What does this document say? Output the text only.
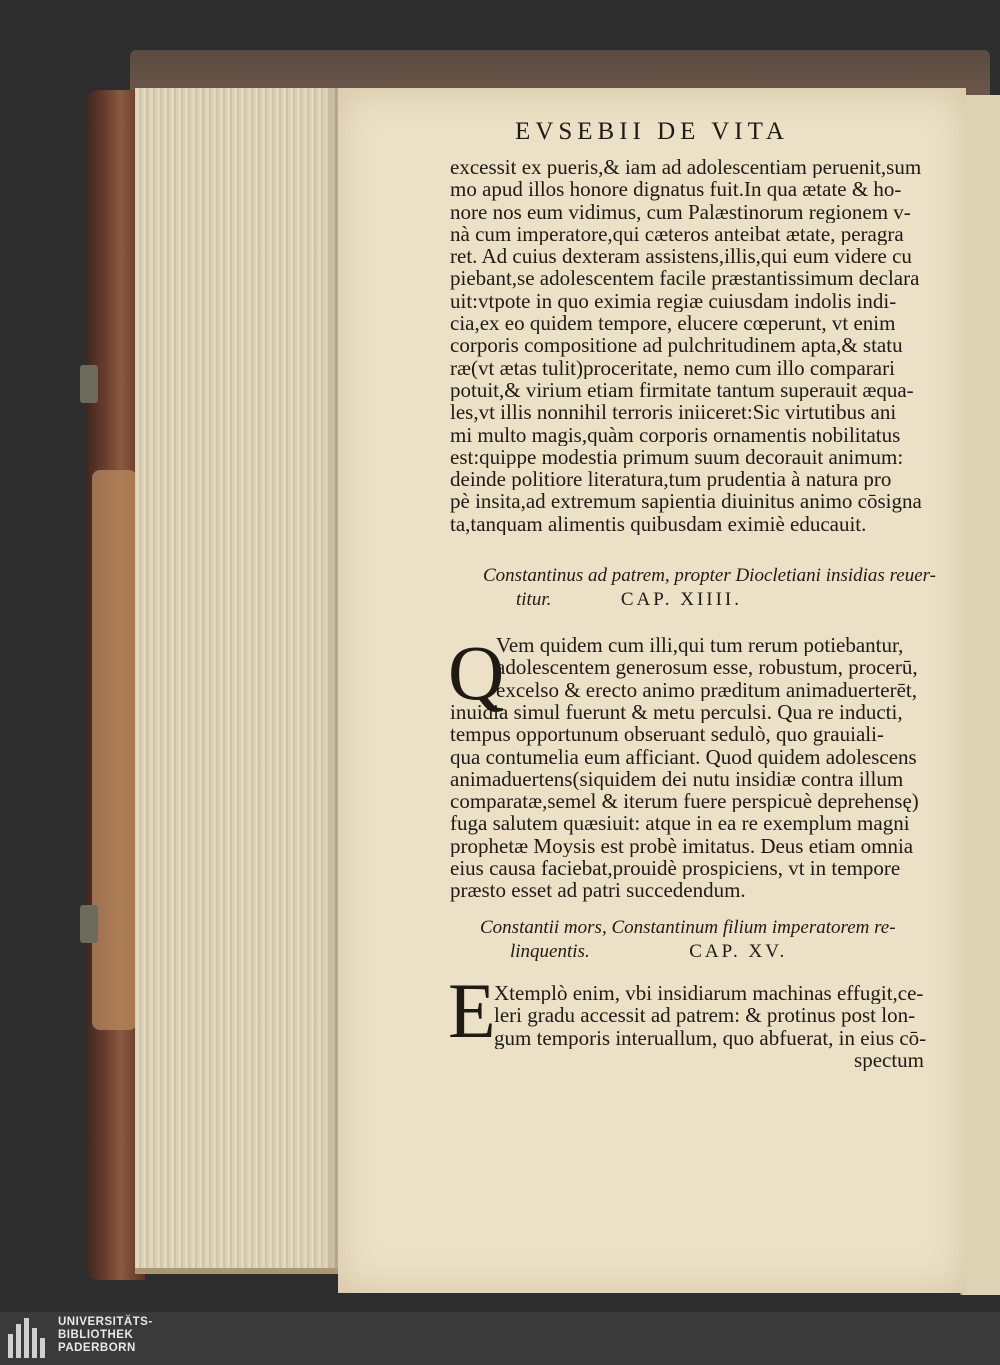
EVSEBII DE VITA
excessit ex pueris,& iam ad adolescentiam peruenit,sum
mo apud illos honore dignatus fuit.In qua ætate & ho-
nore nos eum vidimus, cum Palæstinorum regionem v-
nà cum imperatore,qui cæteros anteibat ætate, peragra
ret. Ad cuius dexteram assistens,illis,qui eum videre cu
piebant,se adolescentem facile præstantissimum declara
uit:vtpote in quo eximia regiæ cuiusdam indolis indi-
cia,ex eo quidem tempore, elucere cœperunt, vt enim
corporis compositione ad pulchritudinem apta,& statu
ræ(vt ætas tulit)proceritate, nemo cum illo comparari
potuit,& virium etiam firmitate tantum superauit æqua-
les,vt illis nonnihil terroris iniiceret:Sic virtutibus ani
mi multo magis,quàm corporis ornamentis nobilitatus
est:quippe modestia primum suum decorauit animum:
deinde politiore literatura,tum prudentia à natura pro
pè insita,ad extremum sapientia diuinitus animo cōsigna
ta,tanquam alimentis quibusdam eximiè educauit.
Constantinus ad patrem, propter Diocletiani insidias reuer-
titur.	CAP. XIIII.
Q
Vem quidem cum illi,qui tum rerum potiebantur,
adolescentem generosum esse, robustum, procerū,
excelso & erecto animo præditum animaduerterēt,
inuidia simul fuerunt & metu perculsi. Qua re inducti,
tempus opportunum obseruant sedulò, quo grauiali-
qua contumelia eum afficiant. Quod quidem adolescens
animaduertens(siquidem dei nutu insidiæ contra illum
comparatæ,semel & iterum fuere perspicuè deprehensę)
fuga salutem quæsiuit: atque in ea re exemplum magni
prophetæ Moysis est probè imitatus. Deus etiam omnia
eius causa faciebat,prouidè prospiciens, vt in tempore
præsto esset ad patri succedendum.
Constantii mors, Constantinum filium imperatorem re-
linquentis.	CAP. XV.
E
Xtemplò enim, vbi insidiarum machinas effugit,ce-
leri gradu accessit ad patrem: & protinus post lon-
gum temporis interuallum, quo abfuerat, in eius cō-
spectum
UNIVERSITÄTS-
BIBLIOTHEK
PADERBORN
